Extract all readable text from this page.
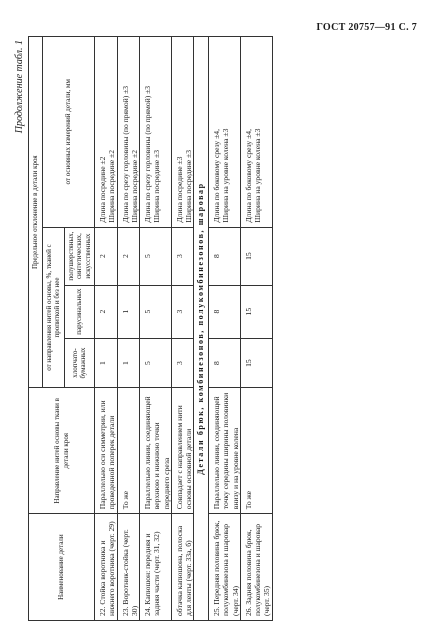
ГОСТ 20757—91 С. 7
Продолжение табл. 1
Наименование детали	Направление нитей основы ткани в детали кроя	Предельное отклонение в детали кроя			
		от направления нитей основы, %, тканей с пропиткой и без нее			от основных измерений детали, мм
		хлопчато-бумажных	парусинальных	полушерстяных, синтетических, искусственных	
22. Стойка воротника и нижнего воротника (черт. 29)	Параллельно оси симметрии, или проведенной поперек детали	1	2	2	Длина посредине ±2
Ширина посредине ±2
23. Воротник-стойка (черт. 30)	То же	1	1	2	Длина по срезу горловины (по прямой) ±3
Ширина посредине ±2
24. Капюшон: передняя и задняя части (черт. 31, 32)	Параллельно линии, соединяющей верхнюю и нижнюю точки переднего среза	5	5	5	Длина по срезу горловины (по прямой) ±3
Ширина посредине ±3
обтачка капюшона, полоска для ленты (черт. 33а, б)	Совпадает с направлением нити основы основной детали	3	3	3	Длина посредине ±3
Ширина посредине ±3
Детали брюк, комбинезонов, полукомбинезонов, шаровар					
25. Передняя половина брюк, полукомбинезона и шаровар (черт. 34)	Параллельно линии, соединяющей точку середины ширины половинки внизу и на уровне колена	8	8	8	Длина по боковому срезу ±4,
Ширина на уровне колена ±3
26. Задняя половина брюк, полукомбинезона и шаровар (черт. 35)	То же	15	15	15	Длина по боковому срезу ±4,
Ширина на уровне колена ±3
